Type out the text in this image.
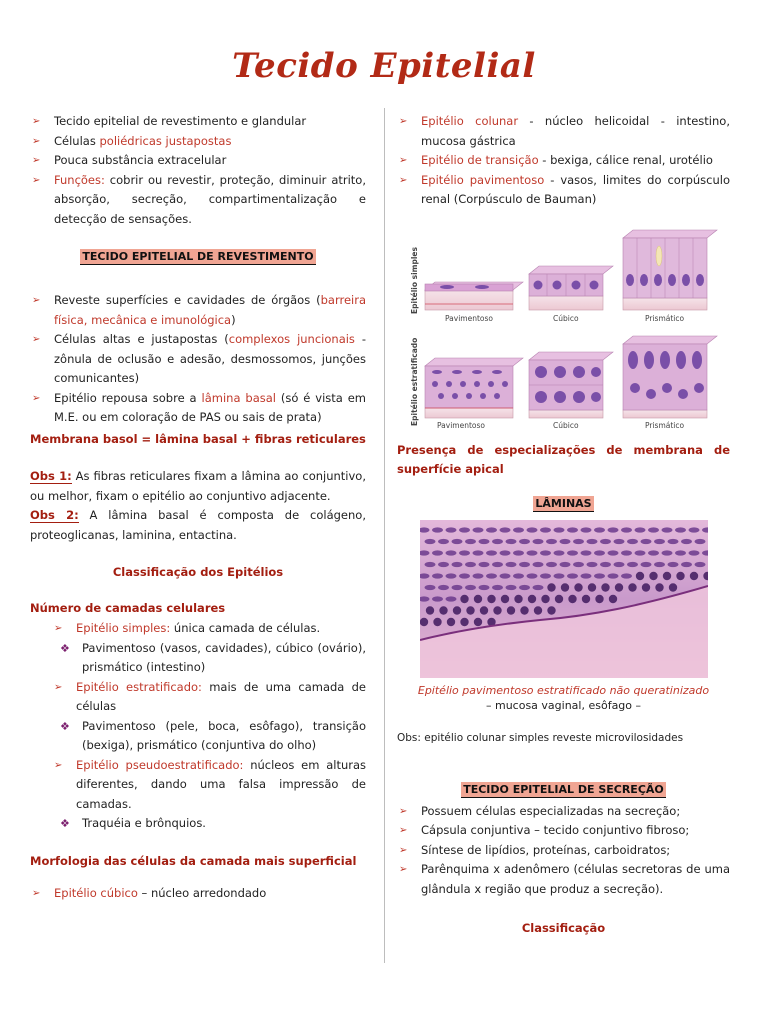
Tecido Epitelial
➢ Tecido epitelial de revestimento e glandular
➢ Células poliédricas justapostas
➢ Pouca substância extracelular
➢ Funções: cobrir ou revestir, proteção, diminuir atrito, absorção, secreção, compartimentalização e detecção de sensações.
TECIDO EPITELIAL DE REVESTIMENTO
➢ Reveste superfícies e cavidades de órgãos (barreira física, mecânica e imunológica)
➢ Células altas e justapostas (complexos juncionais - zônula de oclusão e adesão, desmossomos, junções comunicantes)
➢ Epitélio repousa sobre a lâmina basal (só é vista em M.E. ou em coloração de PAS ou sais de prata)
Membrana basol = lâmina basal + fibras reticulares
Obs 1: As fibras reticulares fixam a lâmina ao conjuntivo, ou melhor, fixam o epitélio ao conjuntivo adjacente.
Obs 2: A lâmina basal é composta de colágeno, proteoglicanas, laminina, entactina.
Classificação dos Epitélios
Número de camadas celulares
➢ Epitélio simples: única camada de células.
❖ Pavimentoso (vasos, cavidades), cúbico (ovário), prismático (intestino)
➢ Epitélio estratificado: mais de uma camada de células
❖ Pavimentoso (pele, boca, esôfago), transição (bexiga), prismático (conjuntiva do olho)
➢ Epitélio pseudoestratificado: núcleos em alturas diferentes, dando uma falsa impressão de camadas.
❖ Traquéia e brônquios.
Morfologia das células da camada mais superficial
➢ Epitélio cúbico – núcleo arredondado
➢ Epitélio colunar - núcleo helicoidal - intestino, mucosa gástrica
➢ Epitélio de transição - bexiga, cálice renal, urotélio
➢ Epitélio pavimentoso - vasos, limites do corpúsculo renal (Corpúsculo de Bauman)
Epitélio simples
Epitélio estratificado
Pavimentoso	Cúbico	Prismático
Pavimentoso	Cúbico	Prismático
Presença de especializações de membrana de superfície apical
LÂMINAS
Epitélio pavimentoso estratificado não queratinizado
– mucosa vaginal, esôfago –
Obs: epitélio colunar simples reveste microvilosidades
TECIDO EPITELIAL DE SECREÇÃO
➢ Possuem células especializadas na secreção;
➢ Cápsula conjuntiva – tecido conjuntivo fibroso;
➢ Síntese de lipídios, proteínas, carboidratos;
➢ Parênquima x adenômero (células secretoras de uma glândula x região que produz a secreção).
Classificação
